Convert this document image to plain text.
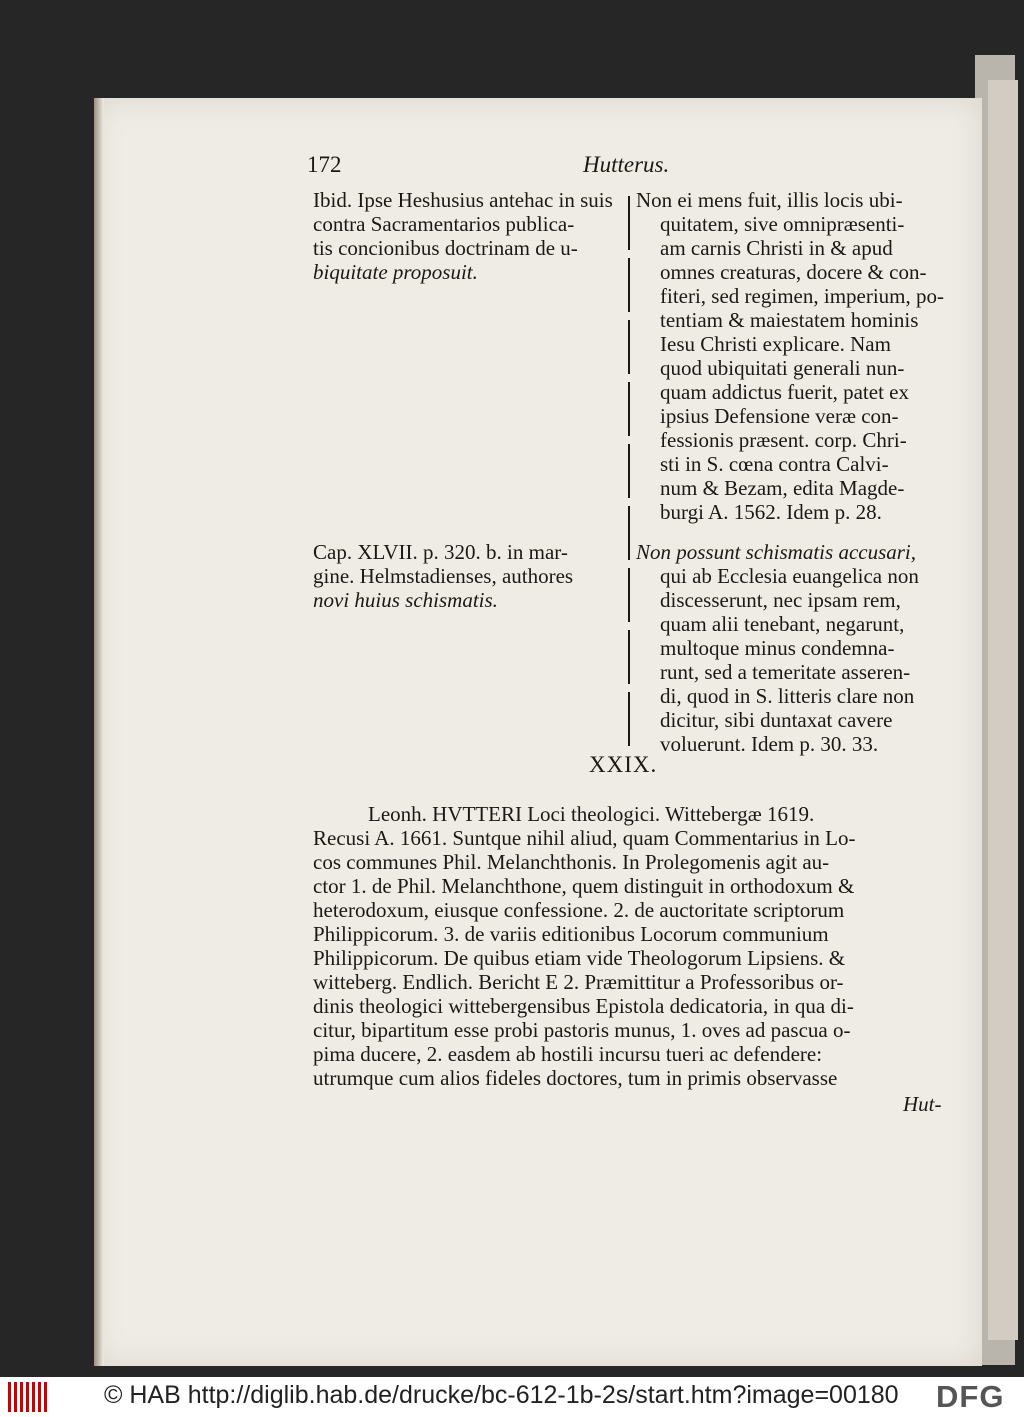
172	Hutterus.
Ibid. Ipse Heshusius antehac in suis
contra Sacramentarios publica-
tis concionibus doctrinam de u-
biquitate proposuit.
Cap. XLVII. p. 320. b. in mar-
gine. Helmstadienses, authores
novi huius schismatis.
Non ei mens fuit, illis locis ubi-
quitatem, sive omnipræsenti-
am carnis Christi in & apud
omnes creaturas, docere & con-
fiteri, sed regimen, imperium, po-
tentiam & maiestatem hominis
Iesu Christi explicare. Nam
quod ubiquitati generali nun-
quam addictus fuerit, patet ex
ipsius Defensione veræ con-
fessionis præsent. corp. Chri-
sti in S. cœna contra Calvi-
num & Bezam, edita Magde-
burgi A. 1562. Idem p. 28.
Non possunt schismatis accusari,
qui ab Ecclesia euangelica non
discesserunt, nec ipsam rem,
quam alii tenebant, negarunt,
multoque minus condemna-
runt, sed a temeritate asseren-
di, quod in S. litteris clare non
dicitur, sibi duntaxat cavere
voluerunt. Idem p. 30. 33.
XXIX.
Leonh. HVTTERI Loci theologici. Wittebergæ 1619.
Recusi A. 1661. Suntque nihil aliud, quam Commentarius in Lo-
cos communes Phil. Melanchthonis. In Prolegomenis agit au-
ctor 1. de Phil. Melanchthone, quem distinguit in orthodoxum &
heterodoxum, eiusque confessione. 2. de auctoritate scriptorum
Philippicorum. 3. de variis editionibus Locorum communium
Philippicorum. De quibus etiam vide Theologorum Lipsiens. &
witteberg. Endlich. Bericht E 2. Præmittitur a Professoribus or-
dinis theologici wittebergensibus Epistola dedicatoria, in qua di-
citur, bipartitum esse probi pastoris munus, 1. oves ad pascua o-
pima ducere, 2. easdem ab hostili incursu tueri ac defendere:
utrumque cum alios fideles doctores, tum in primis observasse
Hut-
© HAB http://diglib.hab.de/drucke/bc-612-1b-2s/start.htm?image=00180 DFG
